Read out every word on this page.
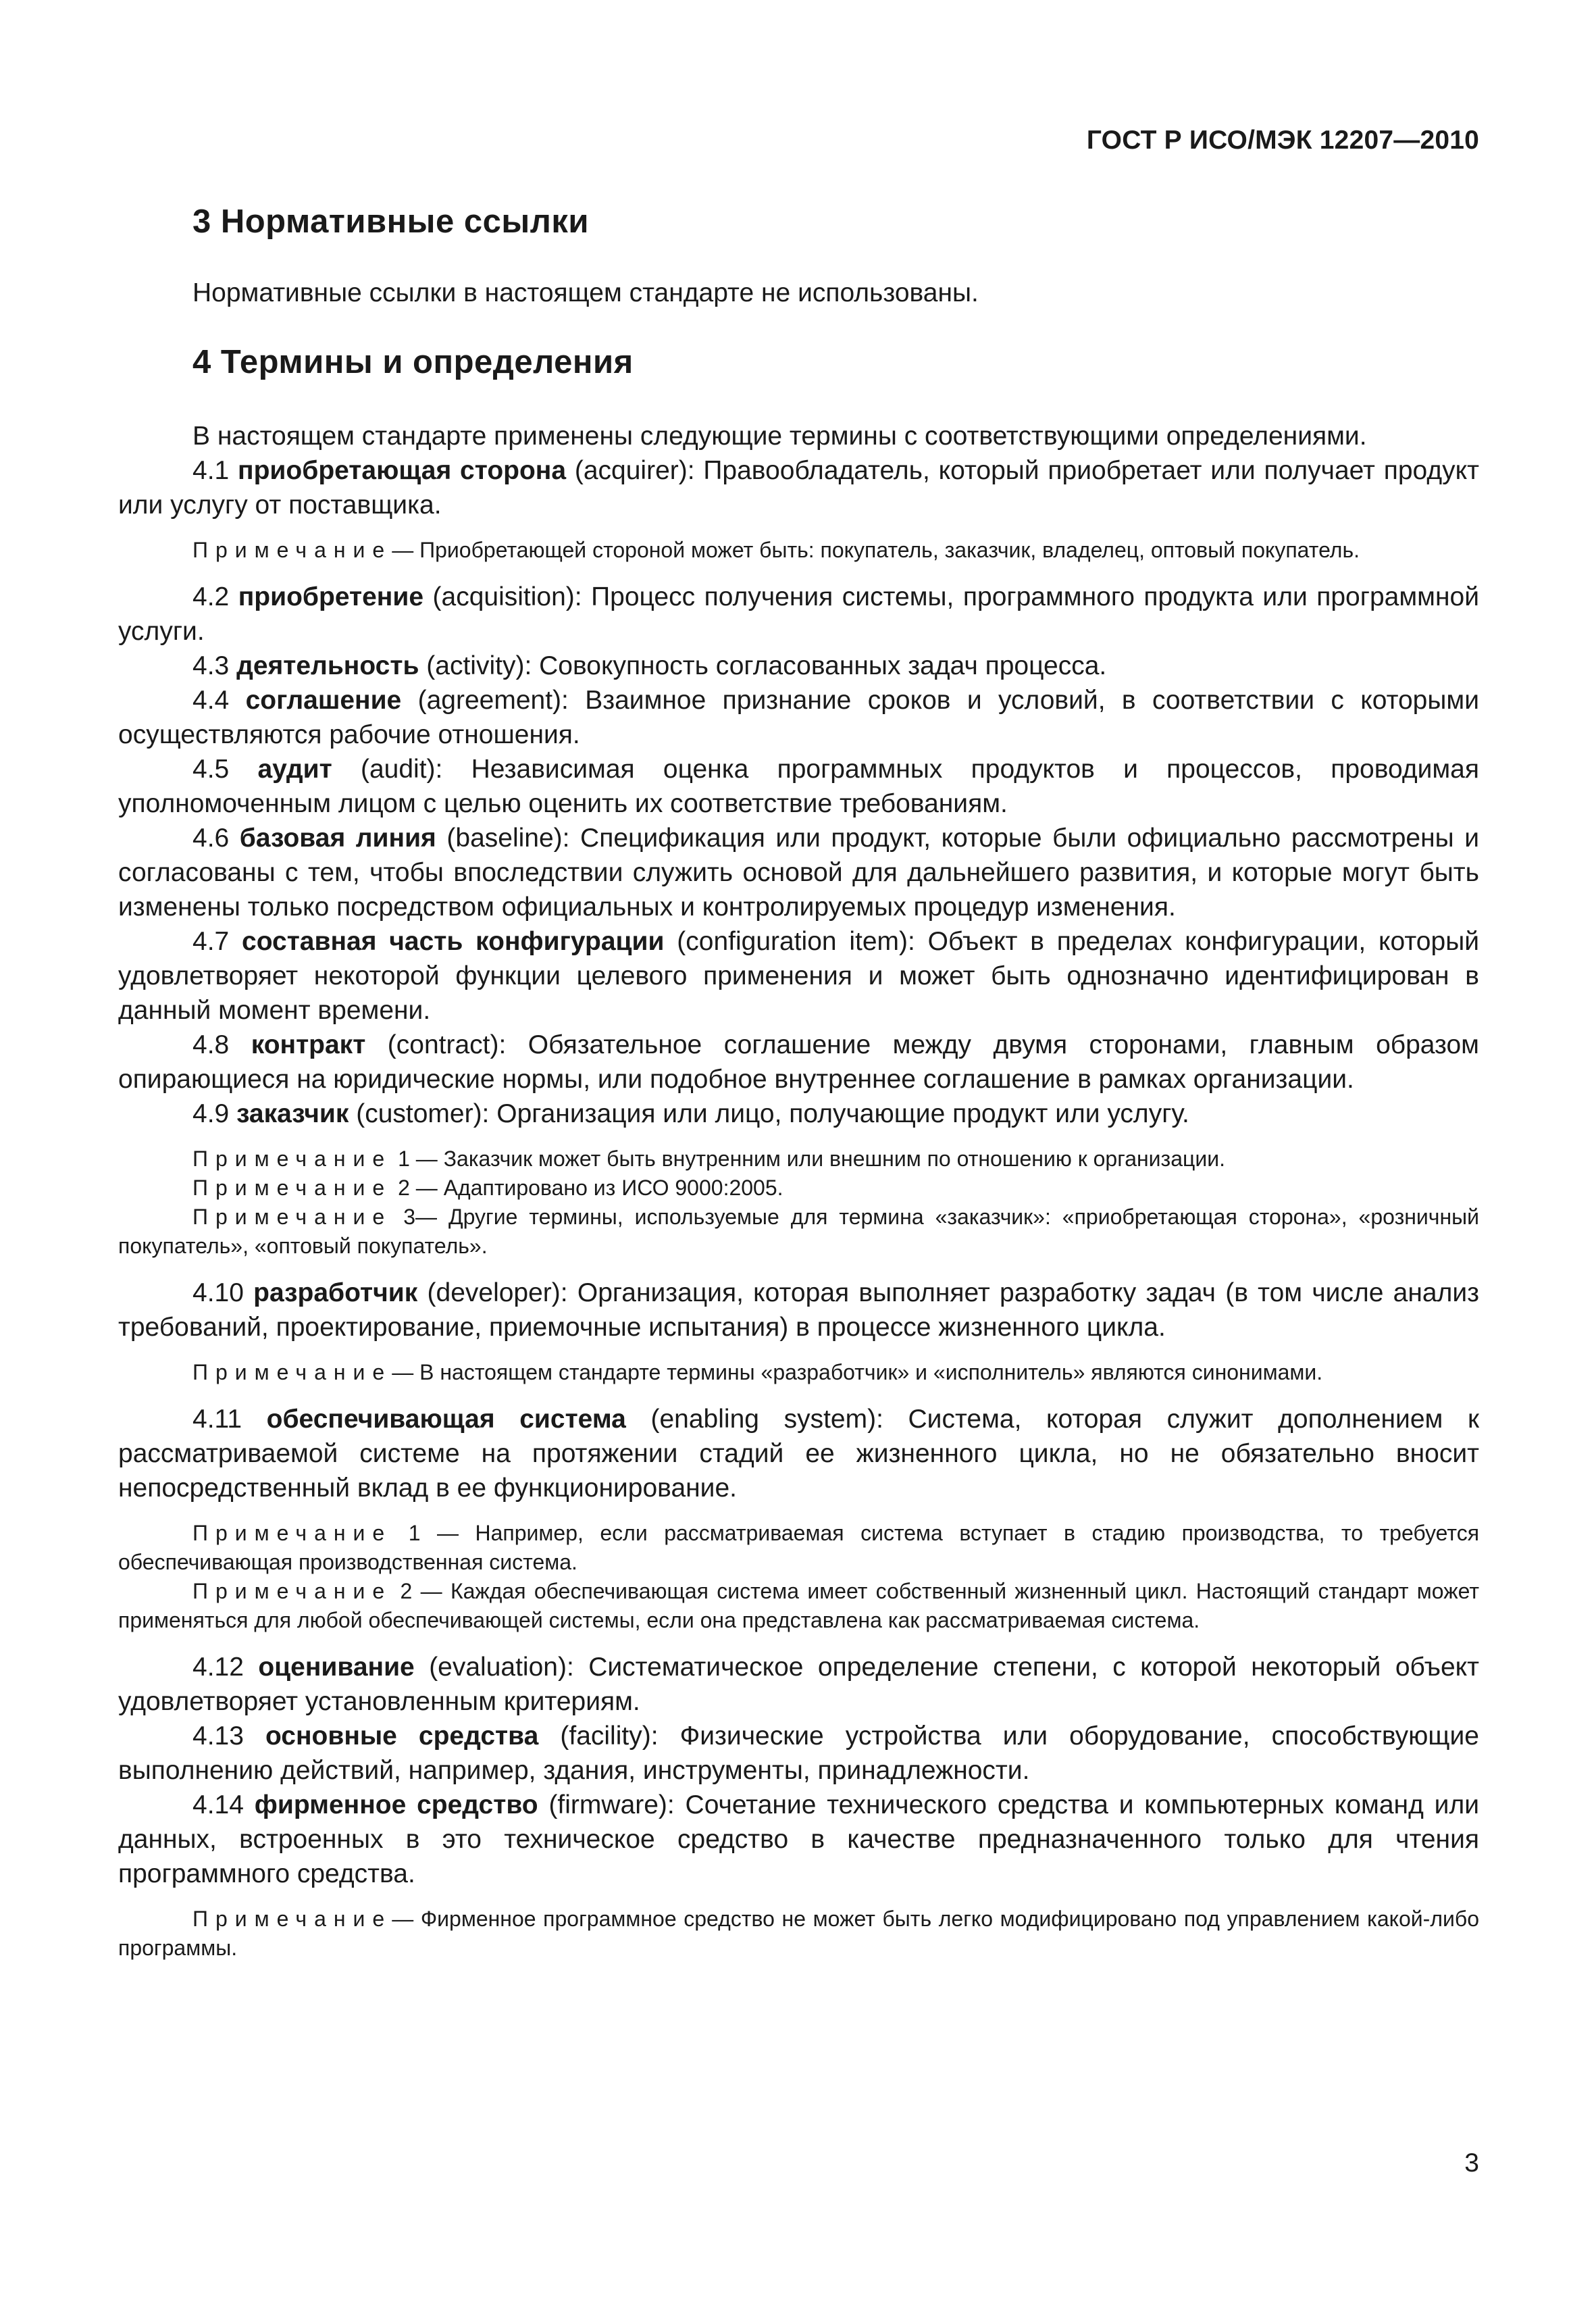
ГОСТ Р ИСО/МЭК 12207—2010
3 Нормативные ссылки
Нормативные ссылки в настоящем стандарте не использованы.
4 Термины и определения

В настоящем стандарте применены следующие термины с соответствующими определениями.

4.1 приобретающая сторона (acquirer): Правообладатель, который приобретает или получает продукт или услугу от поставщика.

Примечание— Приобретающей стороной может быть: покупатель, заказчик, владелец, оптовый покупатель.

4.2 приобретение (acquisition): Процесс получения системы, программного продукта или программной услуги.

4.3 деятельность (activity): Совокупность согласованных задач процесса.

4.4 соглашение (agreement): Взаимное признание сроков и условий, в соответствии с которыми осуществляются рабочие отношения.

4.5 аудит (audit): Независимая оценка программных продуктов и процессов, проводимая уполномоченным лицом с целью оценить их соответствие требованиям.

4.6 базовая линия (baseline): Спецификация или продукт, которые были официально рассмотрены и согласованы с тем, чтобы впоследствии служить основой для дальнейшего развития, и которые могут быть изменены только посредством официальных и контролируемых процедур изменения.

4.7 составная часть конфигурации (configuration item): Объект в пределах конфигурации, который удовлетворяет некоторой функции целевого применения и может быть однозначно идентифицирован в данный момент времени.

4.8 контракт (contract): Обязательное соглашение между двумя сторонами, главным образом опирающиеся на юридические нормы, или подобное внутреннее соглашение в рамках организации.

4.9 заказчик (customer): Организация или лицо, получающие продукт или услугу.

Примечание 1 — Заказчик может быть внутренним или внешним по отношению к организации.

Примечание 2 — Адаптировано из ИСО 9000:2005.

Примечание 3— Другие термины, используемые для термина «заказчик»: «приобретающая сторона», «розничный покупатель», «оптовый покупатель».

4.10 разработчик (developer): Организация, которая выполняет разработку задач (в том числе анализ требований, проектирование, приемочные испытания) в процессе жизненного цикла.

Примечание— В настоящем стандарте термины «разработчик» и «исполнитель» являются синонимами.

4.11 обеспечивающая система (enabling system): Система, которая служит дополнением к рассматриваемой системе на протяжении стадий ее жизненного цикла, но не обязательно вносит непосредственный вклад в ее функционирование.

Примечание 1 — Например, если рассматриваемая система вступает в стадию производства, то требуется обеспечивающая производственная система.

Примечание 2 — Каждая обеспечивающая система имеет собственный жизненный цикл. Настоящий стандарт может применяться для любой обеспечивающей системы, если она представлена как рассматриваемая система.

4.12 оценивание (evaluation): Систематическое определение степени, с которой некоторый объект удовлетворяет установленным критериям.

4.13 основные средства (facility): Физические устройства или оборудование, способствующие выполнению действий, например, здания, инструменты, принадлежности.

4.14 фирменное средство (firmware): Сочетание технического средства и компьютерных команд или данных, встроенных в это техническое средство в качестве предназначенного только для чтения программного средства.

Примечание— Фирменное программное средство не может быть легко модифицировано под управлением какой-либо программы.

3
